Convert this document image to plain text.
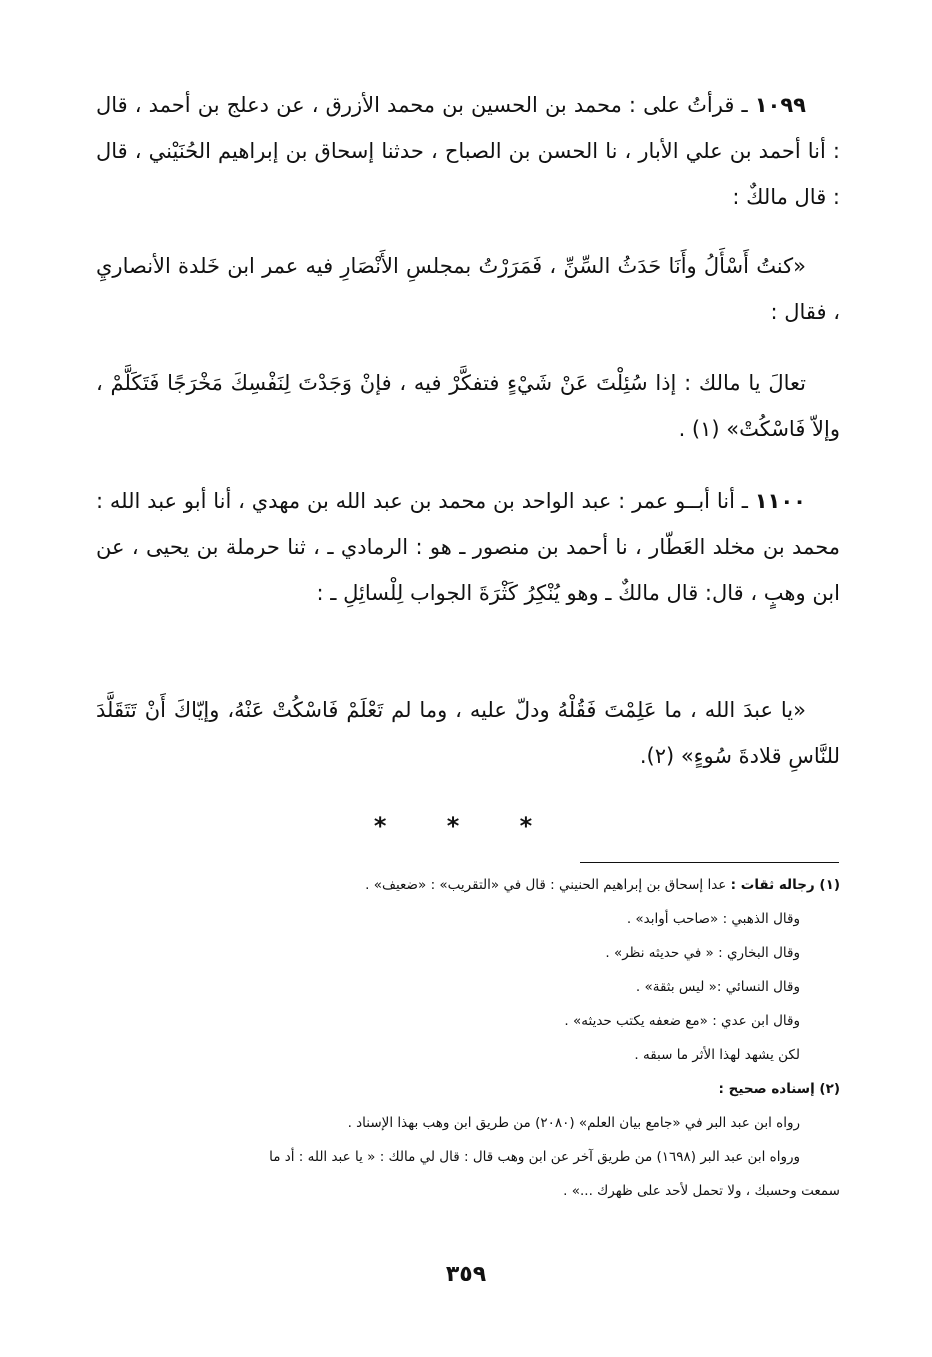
١٠٩٩ ـ قرأتُ على : محمد بن الحسين بن محمد الأزرق ، عن دعلج بن أحمد ، قال : أنا أحمد بن علي الأبار ، نا الحسن بن الصباح ، حدثنا إسحاق بن إبراهيم الحُنَيْني ، قال : قال مالكٌ :

«كنتُ أَسْأَلُ وأَنَا حَدَثُ السِّنِّ ، فَمَرَرْتُ بمجلسِ الأَنْصَارِ فيه عمر ابن خَلدة الأنصاريِ ، فقال :

تعالَ يا مالك : إذا سُئِلْتَ عَنْ شَيْءٍ فتفكَّرْ فيه ، فإنْ وَجَدْتَ لِنَفْسِكَ مَخْرَجًا فَتَكَلَّمْ ، وإلاّ فَاسْكُتْ» (١) .

١١٠٠ ـ أنا أبــو عمر : عبد الواحد بن محمد بن عبد الله بن مهدي ، أنا أبو عبد الله : محمد بن مخلد العَطّار ، نا أحمد بن منصور ـ هو : الرمادي ـ ، ثنا حرملة بن يحيى ، عن ابن وهبٍ ، قال: قال مالكٌ ـ وهو يُنْكِرُ كَثْرَةَ الجواب لِلْسائِلِ ـ :

«يا عبدَ الله ، ما عَلِمْتَ فَقُلْهُ ودلّ عليه ، وما لم تَعْلَمْ فَاسْكُتْ عَنْهُ، وإيّاكَ أَنْ تَتَقَلَّدَ للنَّاسِ قلادةَ سُوءٍ» (٢).

* * *

(١) رجاله ثقات : عدا إسحاق بن إبراهيم الحنيني : قال في «التقريب» : «ضعيف» .

وقال الذهبي : «صاحب أوابد» .

وقال البخاري : « في حديثه نظر» .

وقال النسائي :« ليس بثقة» .

وقال ابن عدي : «مع ضعفه يكتب حديثه» .

لكن يشهد لهذا الأثر ما سبقه .

(٢) إسناده صحيح :

رواه ابن عبد البر في «جامع بيان العلم» (٢٠٨٠) من طريق ابن وهب بهذا الإسناد .

ورواه ابن عبد البر (١٦٩٨) من طريق آخر عن ابن وهب قال : قال لي مالك : « يا عبد الله : أد ما

سمعت وحسبك ، ولا تحمل لأحد على ظهرك ...» .

٣٥٩
